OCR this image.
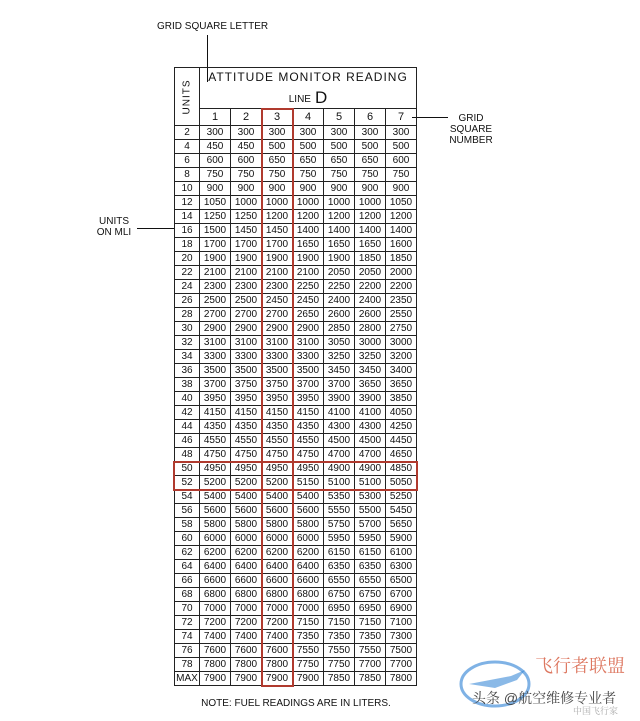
GRID SQUARE LETTER
GRID
SQUARE
NUMBER
UNITS
ON MLI
UNITS	ATTITUDE MONITOR READING
LINE D						

	1	2	3	4	5	6	7
2	300	300	300	300	300	300	300
4	450	450	500	500	500	500	500
6	600	600	650	650	650	650	600
8	750	750	750	750	750	750	750
10	900	900	900	900	900	900	900
12	1050	1000	1000	1000	1000	1000	1050
14	1250	1250	1200	1200	1200	1200	1200
16	1500	1450	1450	1400	1400	1400	1400
18	1700	1700	1700	1650	1650	1650	1600
20	1900	1900	1900	1900	1900	1850	1850
22	2100	2100	2100	2100	2050	2050	2000
24	2300	2300	2300	2250	2250	2200	2200
26	2500	2500	2450	2450	2400	2400	2350
28	2700	2700	2700	2650	2600	2600	2550
30	2900	2900	2900	2900	2850	2800	2750
32	3100	3100	3100	3100	3050	3000	3000
34	3300	3300	3300	3300	3250	3250	3200
36	3500	3500	3500	3500	3450	3450	3400
38	3700	3750	3750	3700	3700	3650	3650
40	3950	3950	3950	3950	3900	3900	3850
42	4150	4150	4150	4150	4100	4100	4050
44	4350	4350	4350	4350	4300	4300	4250
46	4550	4550	4550	4550	4500	4500	4450
48	4750	4750	4750	4750	4700	4700	4650
50	4950	4950	4950	4950	4900	4900	4850
52	5200	5200	5200	5150	5100	5100	5050
54	5400	5400	5400	5400	5350	5300	5250
56	5600	5600	5600	5600	5550	5500	5450
58	5800	5800	5800	5800	5750	5700	5650
60	6000	6000	6000	6000	5950	5950	5900
62	6200	6200	6200	6200	6150	6150	6100
64	6400	6400	6400	6400	6350	6350	6300
66	6600	6600	6600	6600	6550	6550	6500
68	6800	6800	6800	6800	6750	6750	6700
70	7000	7000	7000	7000	6950	6950	6900
72	7200	7200	7200	7150	7150	7150	7100
74	7400	7400	7400	7350	7350	7350	7300
76	7600	7600	7600	7550	7550	7550	7500
78	7800	7800	7800	7750	7750	7700	7700
MAX	7900	7900	7900	7900	7850	7850	7800
NOTE: FUEL READINGS ARE IN LITERS.
飞行者联盟
中国飞行家
头条 @航空维修专业者
